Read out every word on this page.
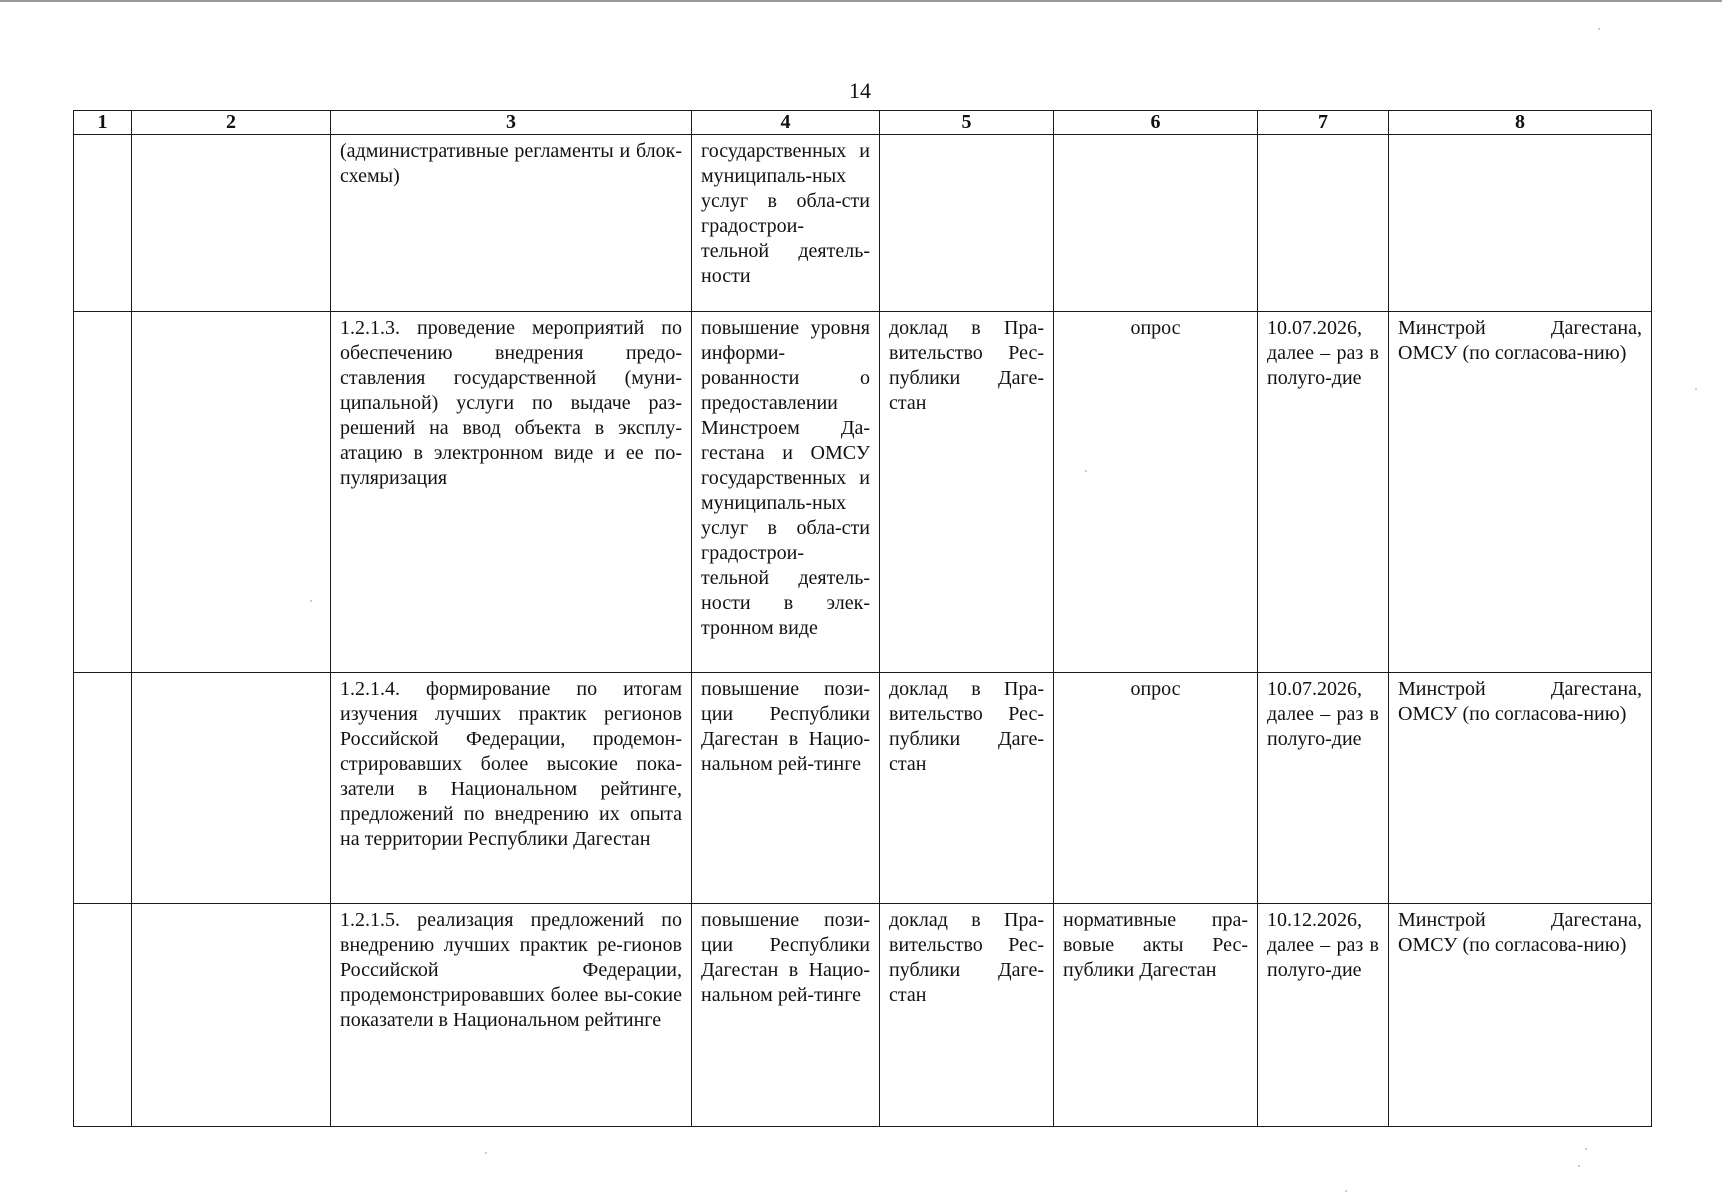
14
1	2	3	4	5	6	7	8
		(административные регламенты и блок-схемы)	государственных и муниципаль-ных услуг в обла-сти градострои-тельной деятель-ности				
		1.2.1.3. проведение мероприятий по обеспечению внедрения предо-ставления государственной (муни-ципальной) услуги по выдаче раз-решений на ввод объекта в эксплу-атацию в электронном виде и ее по-пуляризация	повышение уровня информи-рованности о предоставлении Минстроем Да-гестана и ОМСУ государственных и муниципаль-ных услуг в обла-сти градострои-тельной деятель-ности в элек-тронном виде	доклад в Пра-вительство Рес-публики Даге-стан	опрос	10.07.2026, далее – раз в полуго-дие	Минстрой Дагестана, ОМСУ (по согласова-нию)
		1.2.1.4. формирование по итогам изучения лучших практик регионов Российской Федерации, продемон-стрировавших более высокие пока-затели в Национальном рейтинге, предложений по внедрению их опыта на территории Республики Дагестан	повышение пози-ции Республики Дагестан в Нацио-нальном рей-тинге	доклад в Пра-вительство Рес-публики Даге-стан	опрос	10.07.2026, далее – раз в полуго-дие	Минстрой Дагестана, ОМСУ (по согласова-нию)
		1.2.1.5. реализация предложений по внедрению лучших практик ре-гионов Российской Федерации, продемонстрировавших более вы-сокие показатели в Национальном рейтинге	повышение пози-ции Республики Дагестан в Нацио-нальном рей-тинге	доклад в Пра-вительство Рес-публики Даге-стан	нормативные пра-вовые акты Рес-публики Дагестан	10.12.2026, далее – раз в полуго-дие	Минстрой Дагестана, ОМСУ (по согласова-нию)
